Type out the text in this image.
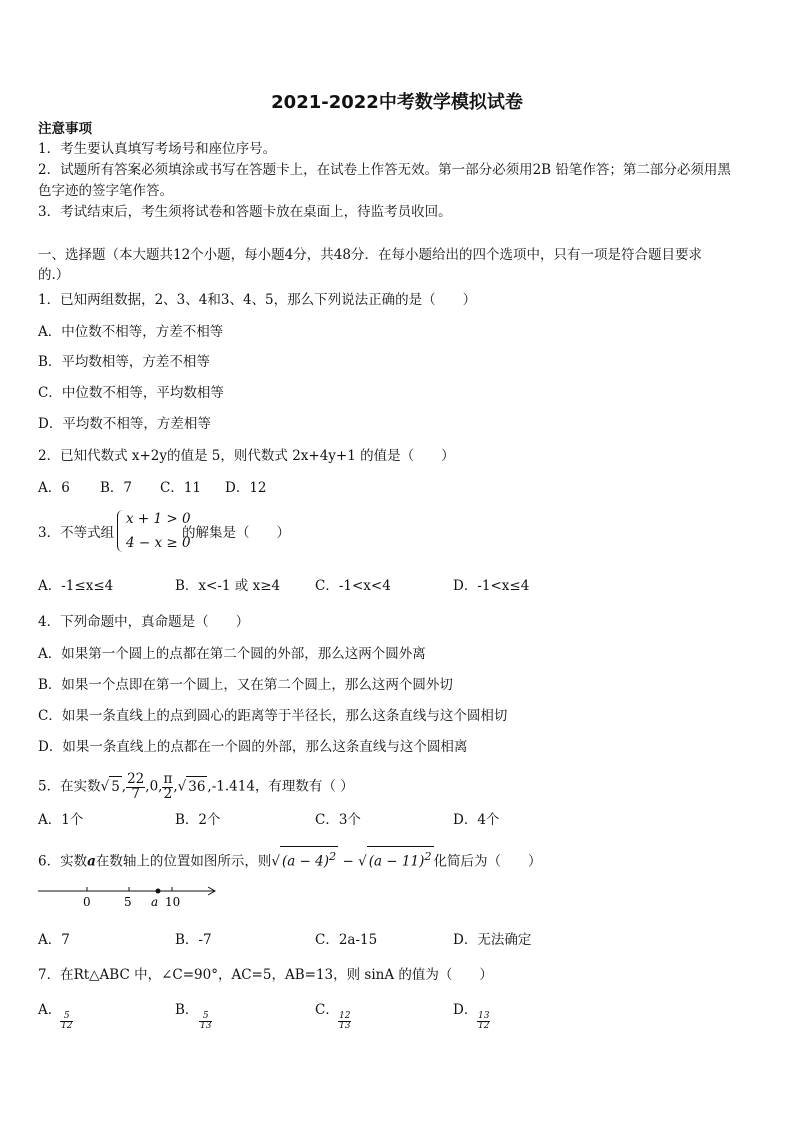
2021-2022中考数学模拟试卷
注意事项
1．考生要认真填写考场号和座位序号。
2．试题所有答案必须填涂或书写在答题卡上，在试卷上作答无效。第一部分必须用2B 铅笔作答；第二部分必须用黑
色字迹的签字笔作答。
3．考试结束后，考生须将试卷和答题卡放在桌面上，待监考员收回。
一、选择题（本大题共12个小题，每小题4分，共48分．在每小题给出的四个选项中，只有一项是符合题目要求
的.）
1．已知两组数据，2、3、4和3、4、5，那么下列说法正确的是（　　）
A．中位数不相等，方差不相等
B．平均数相等，方差不相等
C．中位数不相等，平均数相等
D．平均数不相等，方差相等
2．已知代数式 x+2y的值是 5，则代数式 2x+4y+1 的值是（　　）
A．6 B．7 C．11 D．12
3．不等式组
x + 1 > 0
4 − x ≥ 0
的解集是（　　）
A．-1≤x≤4	B．x<-1 或 x≥4	C．-1<x<4	D．-1<x≤4
4．下列命题中，真命题是（　　）
A．如果第一个圆上的点都在第二个圆的外部，那么这两个圆外离
B．如果一个点即在第一个圆上，又在第二个圆上，那么这两个圆外切
C．如果一条直线上的点到圆心的距离等于半径长，那么这条直线与这个圆相切
D．如果一条直线上的点都在一个圆的外部，那么这条直线与这个圆相离
5．在实数√ 5 , $\frac{22}{7} ,0$, $\frac{\pi}{2}$ ,√ 36 ,-1.414，有理数有（ ）
A．1个	B．2个	C．3个	D．4个
6．实数a在数轴上的位置如图所示，则√ $(a - 4)^2$ − √ $(a - 11)^2$ 化简后为（　　）
0	5 a 10
A．7	B．-7	C．2a-15	D．无法确定
7．在Rt△ABC 中，∠C=90°，AC=5，AB=13，则 sinA 的值为（　　）
A．	B．	C．	D．
$\frac{5}{12}$	$\frac{5}{13}$	$\frac{12}{13}$	$\frac{13}{12}$
